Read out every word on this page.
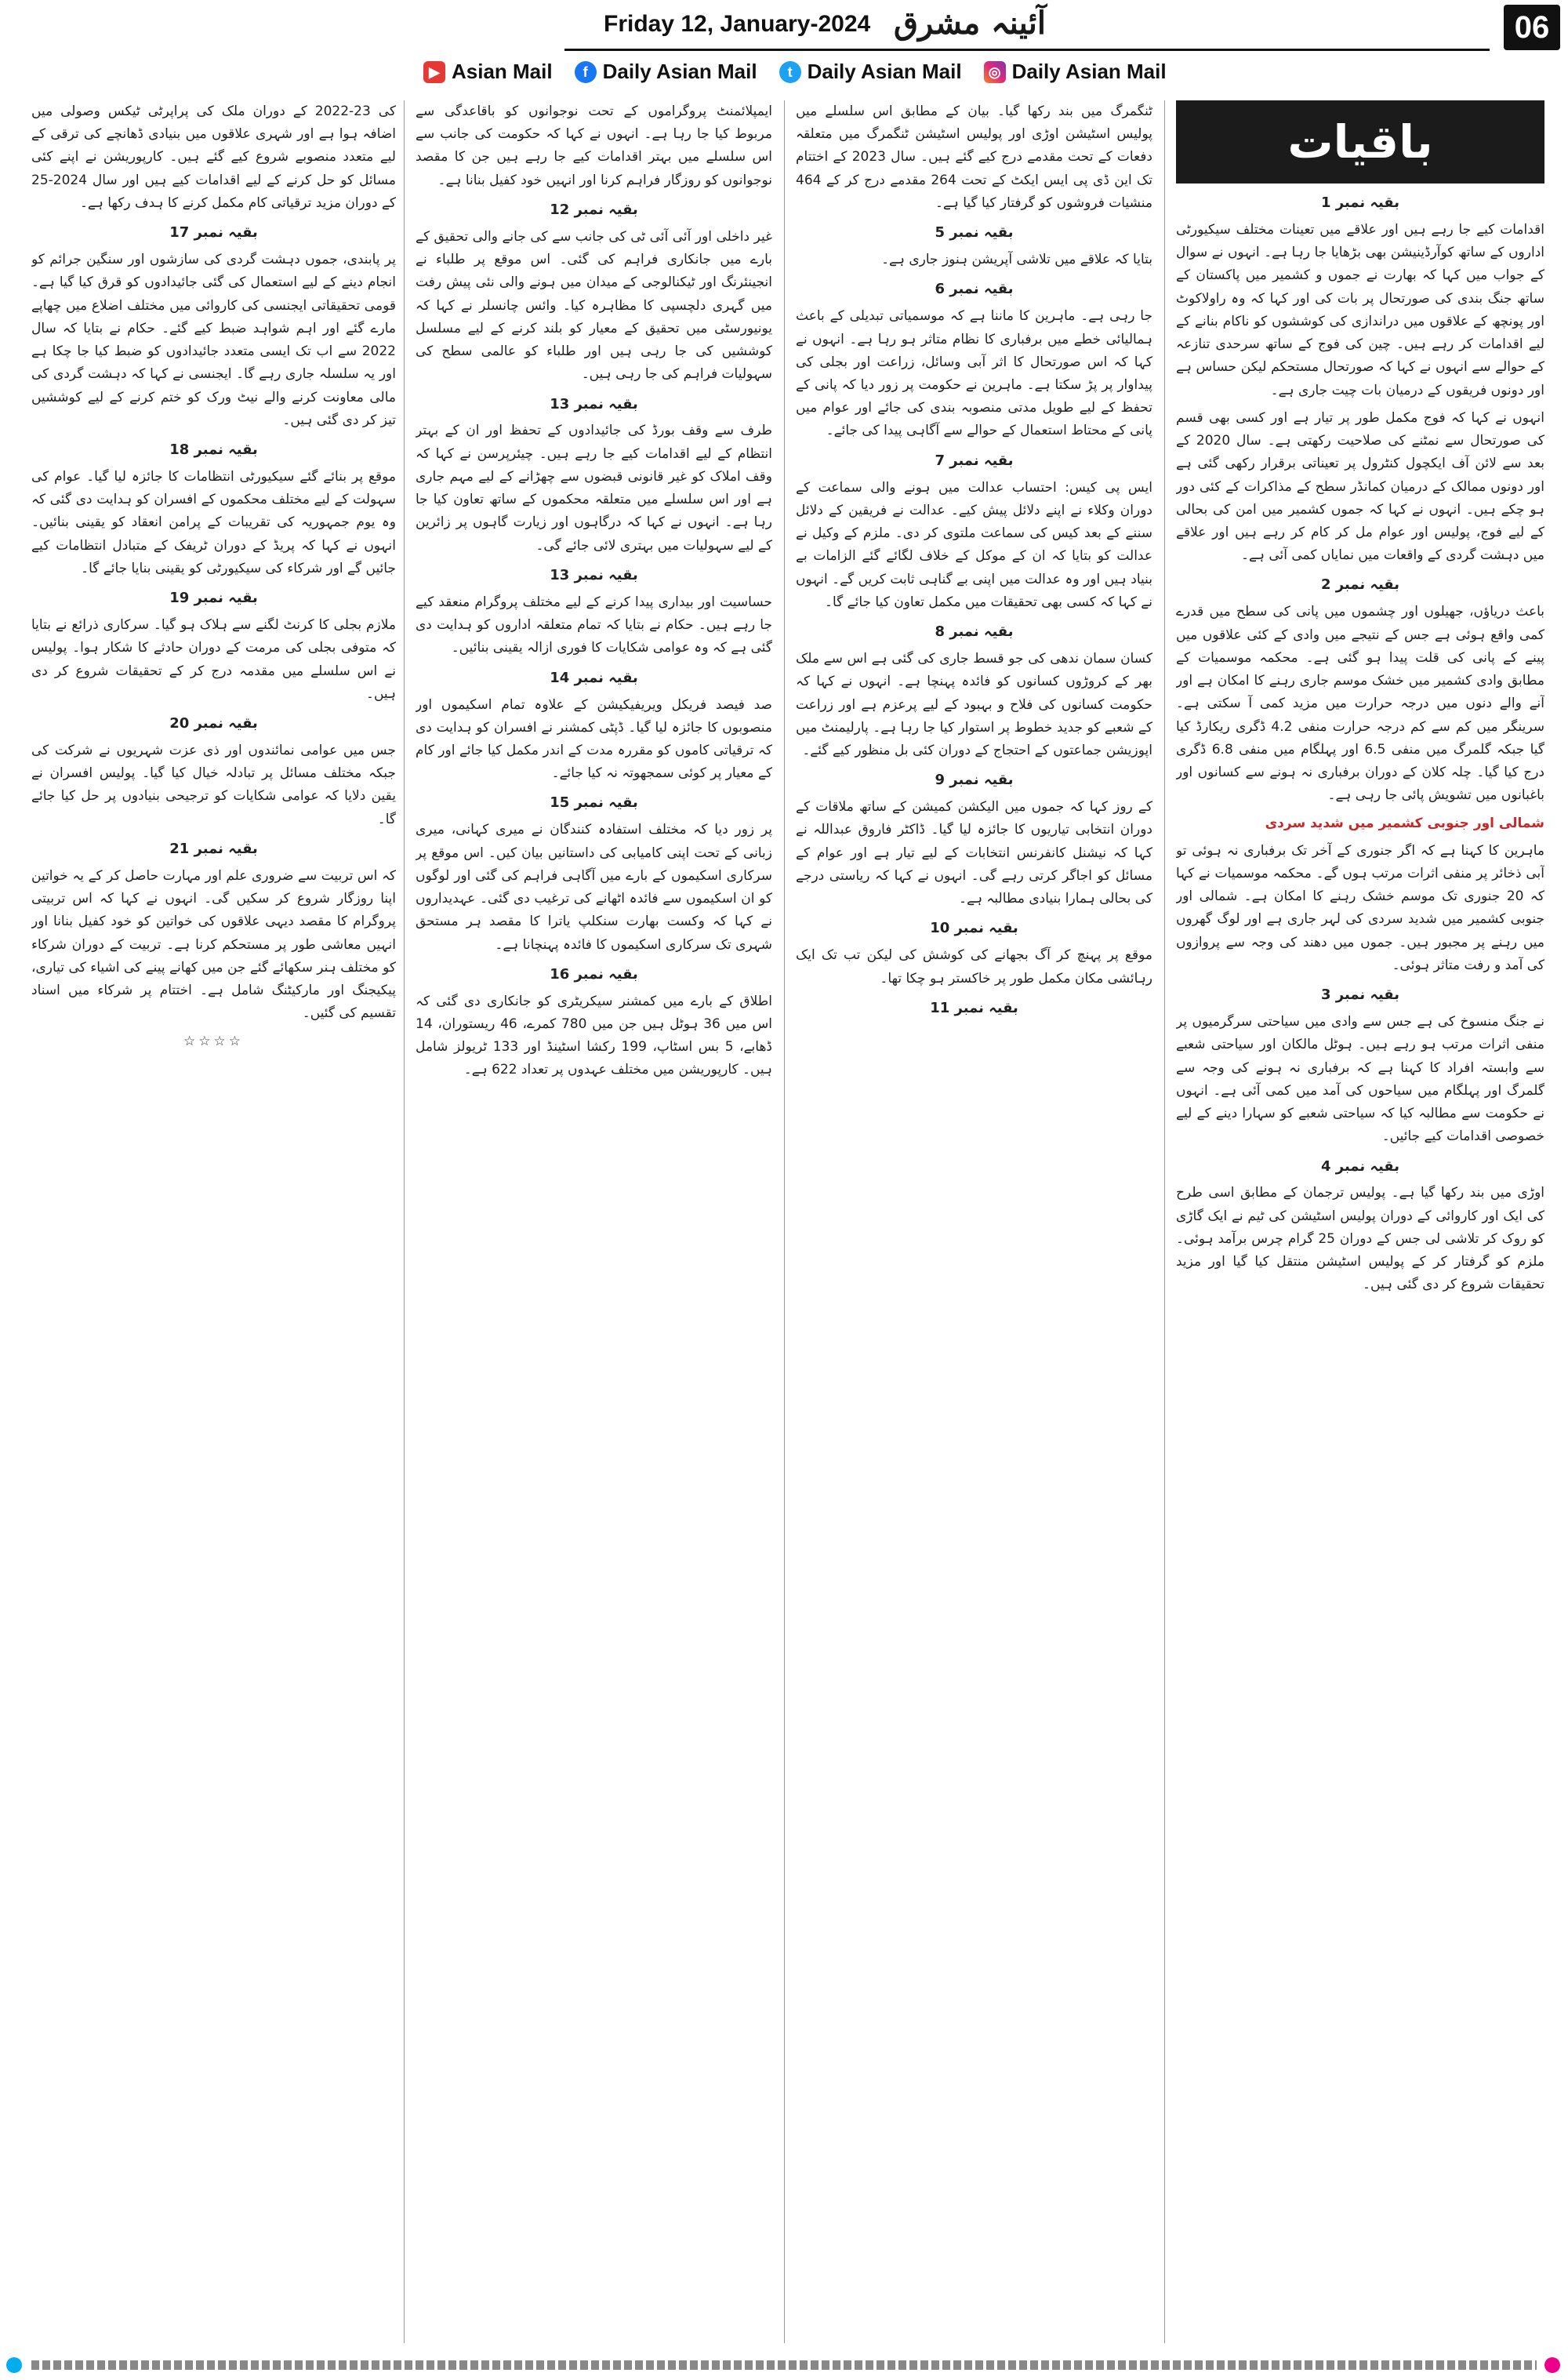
Friday 12, January-2024 آئینہ مشرق	06
▶ Asian Mail	f Daily Asian Mail	t Daily Asian Mail	◎ Daily Asian Mail
باقیات
بقیہ نمبر 1

اقدامات کیے جا رہے ہیں اور علاقے میں تعینات مختلف سیکیورٹی اداروں کے ساتھ کوآرڈینیشن بھی بڑھایا جا رہا ہے۔ انہوں نے سوال کے جواب میں کہا کہ بھارت نے جموں و کشمیر میں پاکستان کے ساتھ جنگ بندی کی صورتحال پر بات کی اور کہا کہ وہ راولاکوٹ اور پونچھ کے علاقوں میں دراندازی کی کوششوں کو ناکام بنانے کے لیے اقدامات کر رہے ہیں۔ چین کی فوج کے ساتھ سرحدی تنازعہ کے حوالے سے انہوں نے کہا کہ صورتحال مستحکم لیکن حساس ہے اور دونوں فریقوں کے درمیان بات چیت جاری ہے۔

انہوں نے کہا کہ فوج مکمل طور پر تیار ہے اور کسی بھی قسم کی صورتحال سے نمٹنے کی صلاحیت رکھتی ہے۔ سال 2020 کے بعد سے لائن آف ایکچول کنٹرول پر تعیناتی برقرار رکھی گئی ہے اور دونوں ممالک کے درمیان کمانڈر سطح کے مذاکرات کے کئی دور ہو چکے ہیں۔ انہوں نے کہا کہ جموں کشمیر میں امن کی بحالی کے لیے فوج، پولیس اور عوام مل کر کام کر رہے ہیں اور علاقے میں دہشت گردی کے واقعات میں نمایاں کمی آئی ہے۔

بقیہ نمبر 2

باعث دریاؤں، جھیلوں اور چشموں میں پانی کی سطح میں قدرے کمی واقع ہوئی ہے جس کے نتیجے میں وادی کے کئی علاقوں میں پینے کے پانی کی قلت پیدا ہو گئی ہے۔ محکمہ موسمیات کے مطابق وادی کشمیر میں خشک موسم جاری رہنے کا امکان ہے اور آنے والے دنوں میں درجہ حرارت میں مزید کمی آ سکتی ہے۔ سرینگر میں کم سے کم درجہ حرارت منفی 4.2 ڈگری ریکارڈ کیا گیا جبکہ گلمرگ میں منفی 6.5 اور پہلگام میں منفی 6.8 ڈگری درج کیا گیا۔ چلہ کلان کے دوران برفباری نہ ہونے سے کسانوں اور باغبانوں میں تشویش پائی جا رہی ہے۔

شمالی اور جنوبی کشمیر میں شدید سردی

ماہرین کا کہنا ہے کہ اگر جنوری کے آخر تک برفباری نہ ہوئی تو آبی ذخائر پر منفی اثرات مرتب ہوں گے۔ محکمہ موسمیات نے کہا کہ 20 جنوری تک موسم خشک رہنے کا امکان ہے۔ شمالی اور جنوبی کشمیر میں شدید سردی کی لہر جاری ہے اور لوگ گھروں میں رہنے پر مجبور ہیں۔ جموں میں دھند کی وجہ سے پروازوں کی آمد و رفت متاثر ہوئی۔

بقیہ نمبر 3

نے جنگ منسوخ کی ہے جس سے وادی میں سیاحتی سرگرمیوں پر منفی اثرات مرتب ہو رہے ہیں۔ ہوٹل مالکان اور سیاحتی شعبے سے وابستہ افراد کا کہنا ہے کہ برفباری نہ ہونے کی وجہ سے گلمرگ اور پہلگام میں سیاحوں کی آمد میں کمی آئی ہے۔ انہوں نے حکومت سے مطالبہ کیا کہ سیاحتی شعبے کو سہارا دینے کے لیے خصوصی اقدامات کیے جائیں۔

بقیہ نمبر 4

اوڑی میں بند رکھا گیا ہے۔ پولیس ترجمان کے مطابق اسی طرح کی ایک اور کاروائی کے دوران پولیس اسٹیشن کی ٹیم نے ایک گاڑی کو روک کر تلاشی لی جس کے دوران 25 گرام چرس برآمد ہوئی۔ ملزم کو گرفتار کر کے پولیس اسٹیشن منتقل کیا گیا اور مزید تحقیقات شروع کر دی گئی ہیں۔

ٹنگمرگ میں بند رکھا گیا۔ بیان کے مطابق اس سلسلے میں پولیس اسٹیشن اوڑی اور پولیس اسٹیشن ٹنگمرگ میں متعلقہ دفعات کے تحت مقدمے درج کیے گئے ہیں۔ سال 2023 کے اختتام تک این ڈی پی ایس ایکٹ کے تحت 264 مقدمے درج کر کے 464 منشیات فروشوں کو گرفتار کیا گیا ہے۔

بقیہ نمبر 5

بتایا کہ علاقے میں تلاشی آپریشن ہنوز جاری ہے۔

بقیہ نمبر 6

جا رہی ہے۔ ماہرین کا ماننا ہے کہ موسمیاتی تبدیلی کے باعث ہمالیائی خطے میں برفباری کا نظام متاثر ہو رہا ہے۔ انہوں نے کہا کہ اس صورتحال کا اثر آبی وسائل، زراعت اور بجلی کی پیداوار پر پڑ سکتا ہے۔ ماہرین نے حکومت پر زور دیا کہ پانی کے تحفظ کے لیے طویل مدتی منصوبہ بندی کی جائے اور عوام میں پانی کے محتاط استعمال کے حوالے سے آگاہی پیدا کی جائے۔

بقیہ نمبر 7

ایس پی کیس: احتساب عدالت میں ہونے والی سماعت کے دوران وکلاء نے اپنے دلائل پیش کیے۔ عدالت نے فریقین کے دلائل سننے کے بعد کیس کی سماعت ملتوی کر دی۔ ملزم کے وکیل نے عدالت کو بتایا کہ ان کے موکل کے خلاف لگائے گئے الزامات بے بنیاد ہیں اور وہ عدالت میں اپنی بے گناہی ثابت کریں گے۔ انہوں نے کہا کہ کسی بھی تحقیقات میں مکمل تعاون کیا جائے گا۔

بقیہ نمبر 8

کسان سمان ندھی کی جو قسط جاری کی گئی ہے اس سے ملک بھر کے کروڑوں کسانوں کو فائدہ پہنچا ہے۔ انہوں نے کہا کہ حکومت کسانوں کی فلاح و بہبود کے لیے پرعزم ہے اور زراعت کے شعبے کو جدید خطوط پر استوار کیا جا رہا ہے۔ پارلیمنٹ میں اپوزیشن جماعتوں کے احتجاج کے دوران کئی بل منظور کیے گئے۔

بقیہ نمبر 9

کے روز کہا کہ جموں میں الیکشن کمیشن کے ساتھ ملاقات کے دوران انتخابی تیاریوں کا جائزہ لیا گیا۔ ڈاکٹر فاروق عبداللہ نے کہا کہ نیشنل کانفرنس انتخابات کے لیے تیار ہے اور عوام کے مسائل کو اجاگر کرتی رہے گی۔ انہوں نے کہا کہ ریاستی درجے کی بحالی ہمارا بنیادی مطالبہ ہے۔

بقیہ نمبر 10

موقع پر پہنچ کر آگ بجھانے کی کوشش کی لیکن تب تک ایک رہائشی مکان مکمل طور پر خاکستر ہو چکا تھا۔

بقیہ نمبر 11

ایمپلائمنٹ پروگراموں کے تحت نوجوانوں کو باقاعدگی سے مربوط کیا جا رہا ہے۔ انہوں نے کہا کہ حکومت کی جانب سے اس سلسلے میں بہتر اقدامات کیے جا رہے ہیں جن کا مقصد نوجوانوں کو روزگار فراہم کرنا اور انہیں خود کفیل بنانا ہے۔

بقیہ نمبر 12

غیر داخلی اور آئی آئی ٹی کی جانب سے کی جانے والی تحقیق کے بارے میں جانکاری فراہم کی گئی۔ اس موقع پر طلباء نے انجینئرنگ اور ٹیکنالوجی کے میدان میں ہونے والی نئی پیش رفت میں گہری دلچسپی کا مظاہرہ کیا۔ وائس چانسلر نے کہا کہ یونیورسٹی میں تحقیق کے معیار کو بلند کرنے کے لیے مسلسل کوششیں کی جا رہی ہیں اور طلباء کو عالمی سطح کی سہولیات فراہم کی جا رہی ہیں۔

بقیہ نمبر 13

طرف سے وقف بورڈ کی جائیدادوں کے تحفظ اور ان کے بہتر انتظام کے لیے اقدامات کیے جا رہے ہیں۔ چیئرپرسن نے کہا کہ وقف املاک کو غیر قانونی قبضوں سے چھڑانے کے لیے مہم جاری ہے اور اس سلسلے میں متعلقہ محکموں کے ساتھ تعاون کیا جا رہا ہے۔ انہوں نے کہا کہ درگاہوں اور زیارت گاہوں پر زائرین کے لیے سہولیات میں بہتری لائی جائے گی۔

بقیہ نمبر 13

حساسیت اور بیداری پیدا کرنے کے لیے مختلف پروگرام منعقد کیے جا رہے ہیں۔ حکام نے بتایا کہ تمام متعلقہ اداروں کو ہدایت دی گئی ہے کہ وہ عوامی شکایات کا فوری ازالہ یقینی بنائیں۔

بقیہ نمبر 14

صد فیصد فریکل ویریفیکیشن کے علاوہ تمام اسکیموں اور منصوبوں کا جائزہ لیا گیا۔ ڈپٹی کمشنر نے افسران کو ہدایت دی کہ ترقیاتی کاموں کو مقررہ مدت کے اندر مکمل کیا جائے اور کام کے معیار پر کوئی سمجھوتہ نہ کیا جائے۔

بقیہ نمبر 15

پر زور دیا کہ مختلف استفادہ کنندگان نے میری کہانی، میری زبانی کے تحت اپنی کامیابی کی داستانیں بیان کیں۔ اس موقع پر سرکاری اسکیموں کے بارے میں آگاہی فراہم کی گئی اور لوگوں کو ان اسکیموں سے فائدہ اٹھانے کی ترغیب دی گئی۔ عہدیداروں نے کہا کہ وکست بھارت سنکلپ یاترا کا مقصد ہر مستحق شہری تک سرکاری اسکیموں کا فائدہ پہنچانا ہے۔

بقیہ نمبر 16

اطلاق کے بارے میں کمشنر سیکریٹری کو جانکاری دی گئی کہ اس میں 36 ہوٹل ہیں جن میں 780 کمرے، 46 ریستوران، 14 ڈھابے، 5 بس اسٹاپ، 199 رکشا اسٹینڈ اور 133 ٹریولز شامل ہیں۔ کارپوریشن میں مختلف عہدوں پر تعداد 622 ہے۔

کی 23-2022 کے دوران ملک کی پراپرٹی ٹیکس وصولی میں اضافہ ہوا ہے اور شہری علاقوں میں بنیادی ڈھانچے کی ترقی کے لیے متعدد منصوبے شروع کیے گئے ہیں۔ کارپوریشن نے اپنے کئی مسائل کو حل کرنے کے لیے اقدامات کیے ہیں اور سال 2024-25 کے دوران مزید ترقیاتی کام مکمل کرنے کا ہدف رکھا ہے۔

بقیہ نمبر 17

پر پابندی، جموں دہشت گردی کی سازشوں اور سنگین جرائم کو انجام دینے کے لیے استعمال کی گئی جائیدادوں کو قرق کیا گیا ہے۔ قومی تحقیقاتی ایجنسی کی کاروائی میں مختلف اضلاع میں چھاپے مارے گئے اور اہم شواہد ضبط کیے گئے۔ حکام نے بتایا کہ سال 2022 سے اب تک ایسی متعدد جائیدادوں کو ضبط کیا جا چکا ہے اور یہ سلسلہ جاری رہے گا۔ ایجنسی نے کہا کہ دہشت گردی کی مالی معاونت کرنے والے نیٹ ورک کو ختم کرنے کے لیے کوششیں تیز کر دی گئی ہیں۔

بقیہ نمبر 18

موقع پر بنائے گئے سیکیورٹی انتظامات کا جائزہ لیا گیا۔ عوام کی سہولت کے لیے مختلف محکموں کے افسران کو ہدایت دی گئی کہ وہ یوم جمہوریہ کی تقریبات کے پرامن انعقاد کو یقینی بنائیں۔ انہوں نے کہا کہ پریڈ کے دوران ٹریفک کے متبادل انتظامات کیے جائیں گے اور شرکاء کی سیکیورٹی کو یقینی بنایا جائے گا۔

بقیہ نمبر 19

ملازم بجلی کا کرنٹ لگنے سے ہلاک ہو گیا۔ سرکاری ذرائع نے بتایا کہ متوفی بجلی کی مرمت کے دوران حادثے کا شکار ہوا۔ پولیس نے اس سلسلے میں مقدمہ درج کر کے تحقیقات شروع کر دی ہیں۔

بقیہ نمبر 20

جس میں عوامی نمائندوں اور ذی عزت شہریوں نے شرکت کی جبکہ مختلف مسائل پر تبادلہ خیال کیا گیا۔ پولیس افسران نے یقین دلایا کہ عوامی شکایات کو ترجیحی بنیادوں پر حل کیا جائے گا۔

بقیہ نمبر 21

کہ اس تربیت سے ضروری علم اور مہارت حاصل کر کے یہ خواتین اپنا روزگار شروع کر سکیں گی۔ انہوں نے کہا کہ اس تربیتی پروگرام کا مقصد دیہی علاقوں کی خواتین کو خود کفیل بنانا اور انہیں معاشی طور پر مستحکم کرنا ہے۔ تربیت کے دوران شرکاء کو مختلف ہنر سکھائے گئے جن میں کھانے پینے کی اشیاء کی تیاری، پیکیجنگ اور مارکیٹنگ شامل ہے۔ اختتام پر شرکاء میں اسناد تقسیم کی گئیں۔

☆☆☆☆
